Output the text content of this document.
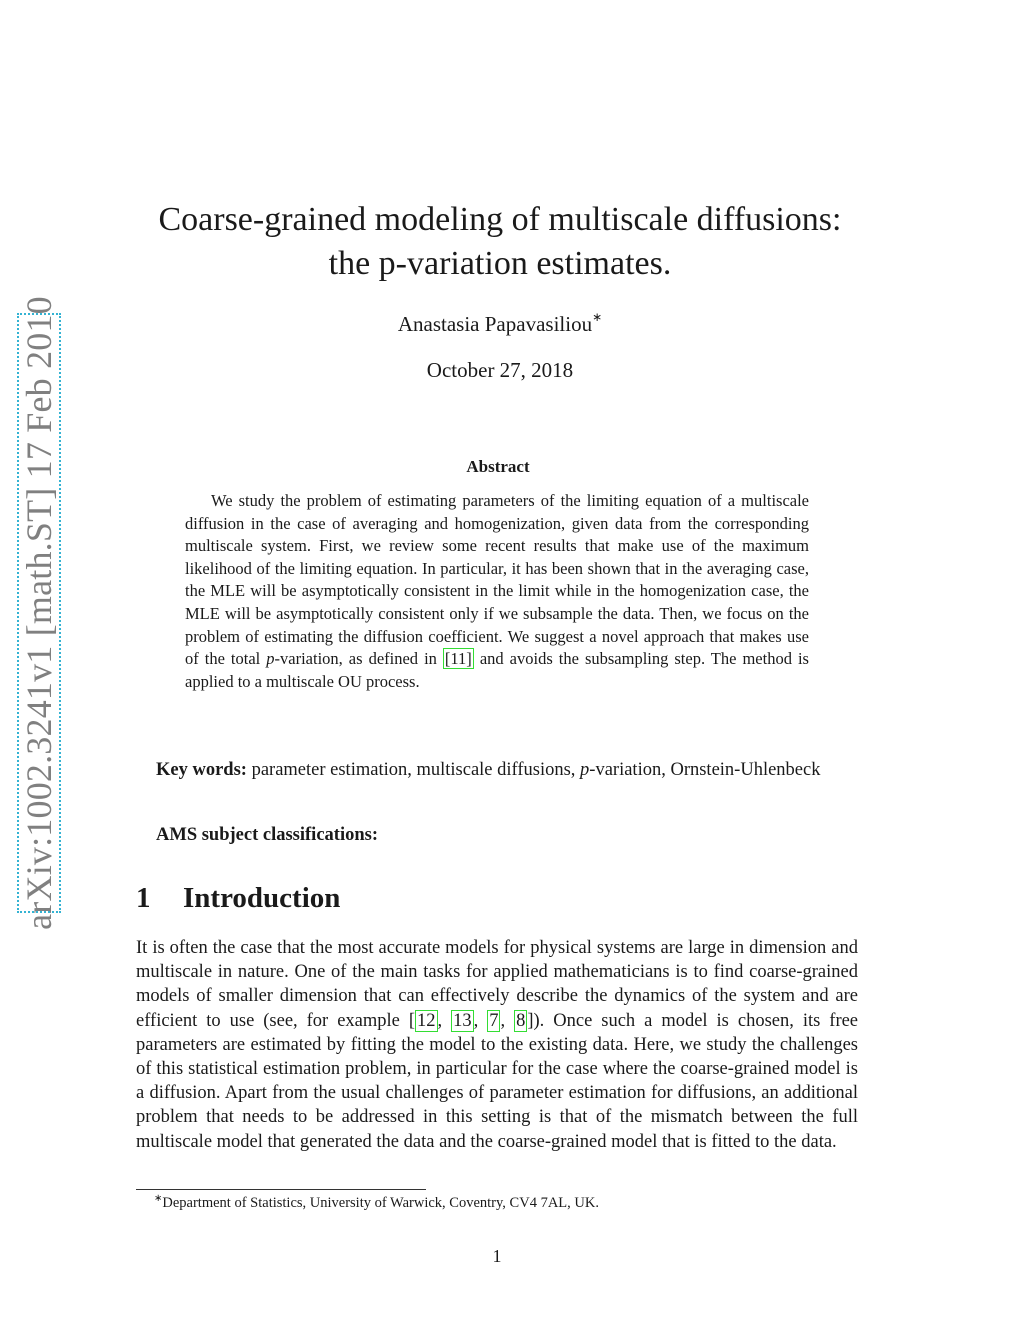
arXiv:1002.3241v1 [math.ST] 17 Feb 2010
Coarse-grained modeling of multiscale diffusions:
the p-variation estimates.
Anastasia Papavasiliou∗
October 27, 2018
Abstract
We study the problem of estimating parameters of the limiting equation of a multiscale diffusion in the case of averaging and homogenization, given data from the corresponding multiscale system. First, we review some recent results that make use of the maximum likelihood of the limiting equation. In particular, it has been shown that in the averaging case, the MLE will be asymptotically consistent in the limit while in the homogenization case, the MLE will be asymptotically consistent only if we subsample the data. Then, we focus on the problem of estimating the diffusion coefficient. We suggest a novel approach that makes use of the total p-variation, as defined in [11] and avoids the subsampling step. The method is applied to a multiscale OU process.
Key words: parameter estimation, multiscale diffusions, p-variation, Ornstein-Uhlenbeck
AMS subject classifications:
1 Introduction
It is often the case that the most accurate models for physical systems are large in dimension and multiscale in nature. One of the main tasks for applied mathematicians is to find coarse-grained models of smaller dimension that can effectively describe the dynamics of the system and are efficient to use (see, for example [ 12 , 13 , 7 , 8 ]). Once such a model is chosen, its free parameters are estimated by fitting the model to the existing data. Here, we study the challenges of this statistical estimation problem, in particular for the case where the coarse-grained model is a diffusion. Apart from the usual challenges of parameter estimation for diffusions, an additional problem that needs to be addressed in this setting is that of the mismatch between the full multiscale model that generated the data and the coarse-grained model that is fitted to the data.
∗Department of Statistics, University of Warwick, Coventry, CV4 7AL, UK.
1
